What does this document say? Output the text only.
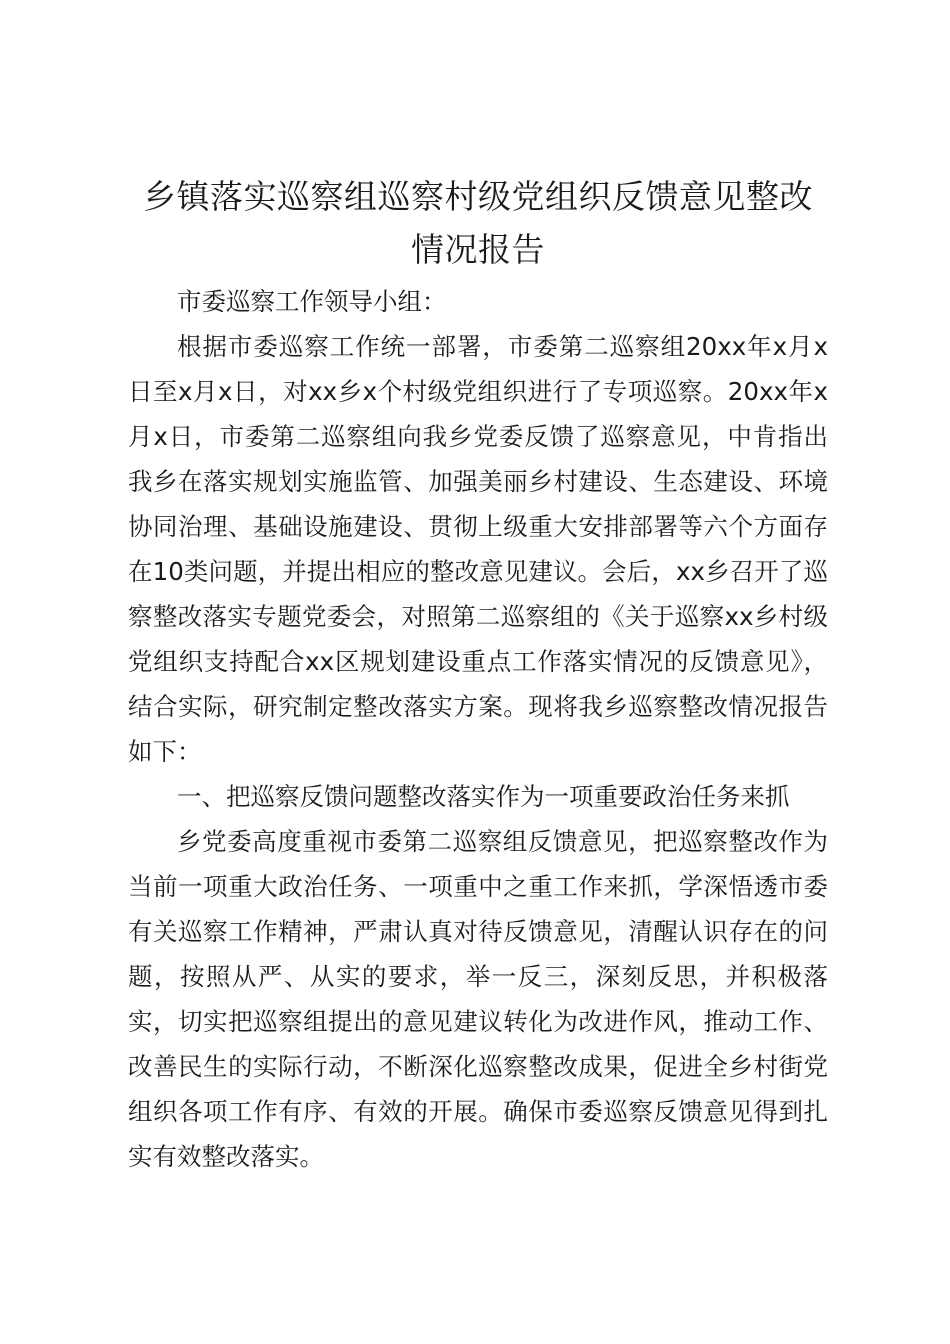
乡镇落实巡察组巡察村级党组织反馈意见整改情况报告

市委巡察工作领导小组：

根据市委巡察工作统一部署，市委第二巡察组20xx年x月x日至x月x日，对xx乡x个村级党组织进行了专项巡察。20xx年x月x日，市委第二巡察组向我乡党委反馈了巡察意见，中肯指出我乡在落实规划实施监管、加强美丽乡村建设、生态建设、环境协同治理、基础设施建设、贯彻上级重大安排部署等六个方面存在10类问题，并提出相应的整改意见建议。会后，xx乡召开了巡察整改落实专题党委会，对照第二巡察组的《关于巡察xx乡村级党组织支持配合xx区规划建设重点工作落实情况的反馈意见》，结合实际，研究制定整改落实方案。现将我乡巡察整改情况报告如下：

一、把巡察反馈问题整改落实作为一项重要政治任务来抓

乡党委高度重视市委第二巡察组反馈意见，把巡察整改作为当前一项重大政治任务、一项重中之重工作来抓，学深悟透市委有关巡察工作精神，严肃认真对待反馈意见，清醒认识存在的问题，按照从严、从实的要求，举一反三，深刻反思，并积极落实，切实把巡察组提出的意见建议转化为改进作风，推动工作、改善民生的实际行动，不断深化巡察整改成果，促进全乡村街党组织各项工作有序、有效的开展。确保市委巡察反馈意见得到扎实有效整改落实。
